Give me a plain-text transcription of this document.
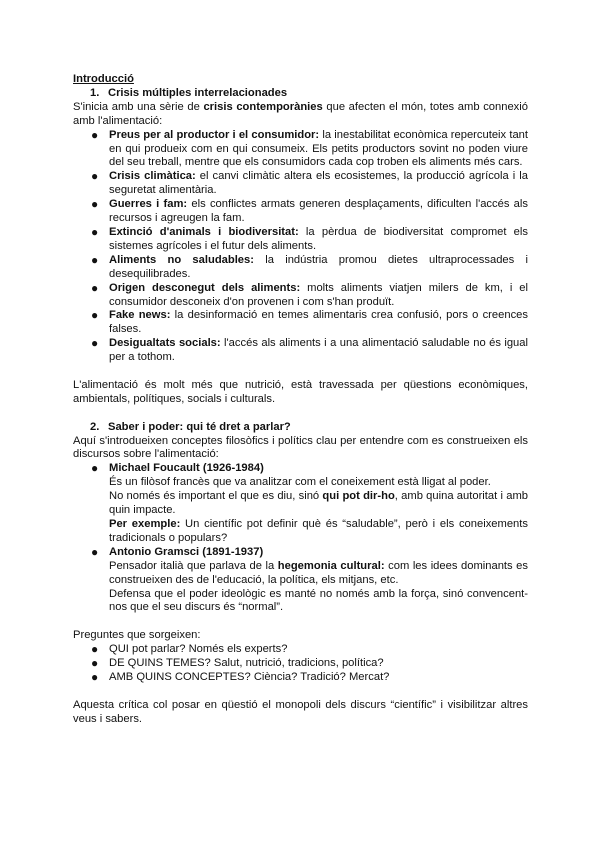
Introducció
1. Crisis múltiples interrelacionades

S'inicia amb una sèrie de crisis contemporànies que afecten el món, totes amb connexió amb l'alimentació:

● Preus per al productor i el consumidor: la inestabilitat econòmica repercuteix tant en qui produeix com en qui consumeix. Els petits productors sovint no poden viure del seu treball, mentre que els consumidors cada cop troben els aliments més cars.
● Crisis climàtica: el canvi climàtic altera els ecosistemes, la producció agrícola i la seguretat alimentària.
● Guerres i fam: els conflictes armats generen desplaçaments, dificulten l'accés als recursos i agreugen la fam.
● Extinció d'animals i biodiversitat: la pèrdua de biodiversitat compromet els sistemes agrícoles i el futur dels aliments.
● Aliments no saludables: la indústria promou dietes ultraprocessades i desequilibrades.
● Origen desconegut dels aliments: molts aliments viatjen milers de km, i el consumidor desconeix d'on provenen i com s'han produït.
● Fake news: la desinformació en temes alimentaris crea confusió, pors o creences falses.
● Desigualtats socials: l'accés als aliments i a una alimentació saludable no és igual per a tothom.

L'alimentació és molt més que nutrició, està travessada per qüestions econòmiques, ambientals, polítiques, socials i culturals.

2. Saber i poder: qui té dret a parlar?

Aquí s'introdueixen conceptes filosòfics i polítics clau per entendre com es construeixen els discursos sobre l'alimentació:

● Michael Foucault (1926-1984)

És un filòsof francès que va analitzar com el coneixement està lligat al poder.

No només és important el que es diu, sinó qui pot dir-ho, amb quina autoritat i amb quin impacte.

Per exemple: Un científic pot definir què és “saludable”, però i els coneixements tradicionals o populars?

● Antonio Gramsci (1891-1937)

Pensador italià que parlava de la hegemonia cultural: com les idees dominants es construeixen des de l'educació, la política, els mitjans, etc.

Defensa que el poder ideològic es manté no només amb la força, sinó convencent-nos que el seu discurs és “normal”.

Preguntes que sorgeixen:

● QUI pot parlar? Només els experts?
● DE QUINS TEMES? Salut, nutrició, tradicions, política?
● AMB QUINS CONCEPTES? Ciència? Tradició? Mercat?

Aquesta crítica col posar en qüestió el monopoli dels discurs “científic” i visibilitzar altres veus i sabers.
